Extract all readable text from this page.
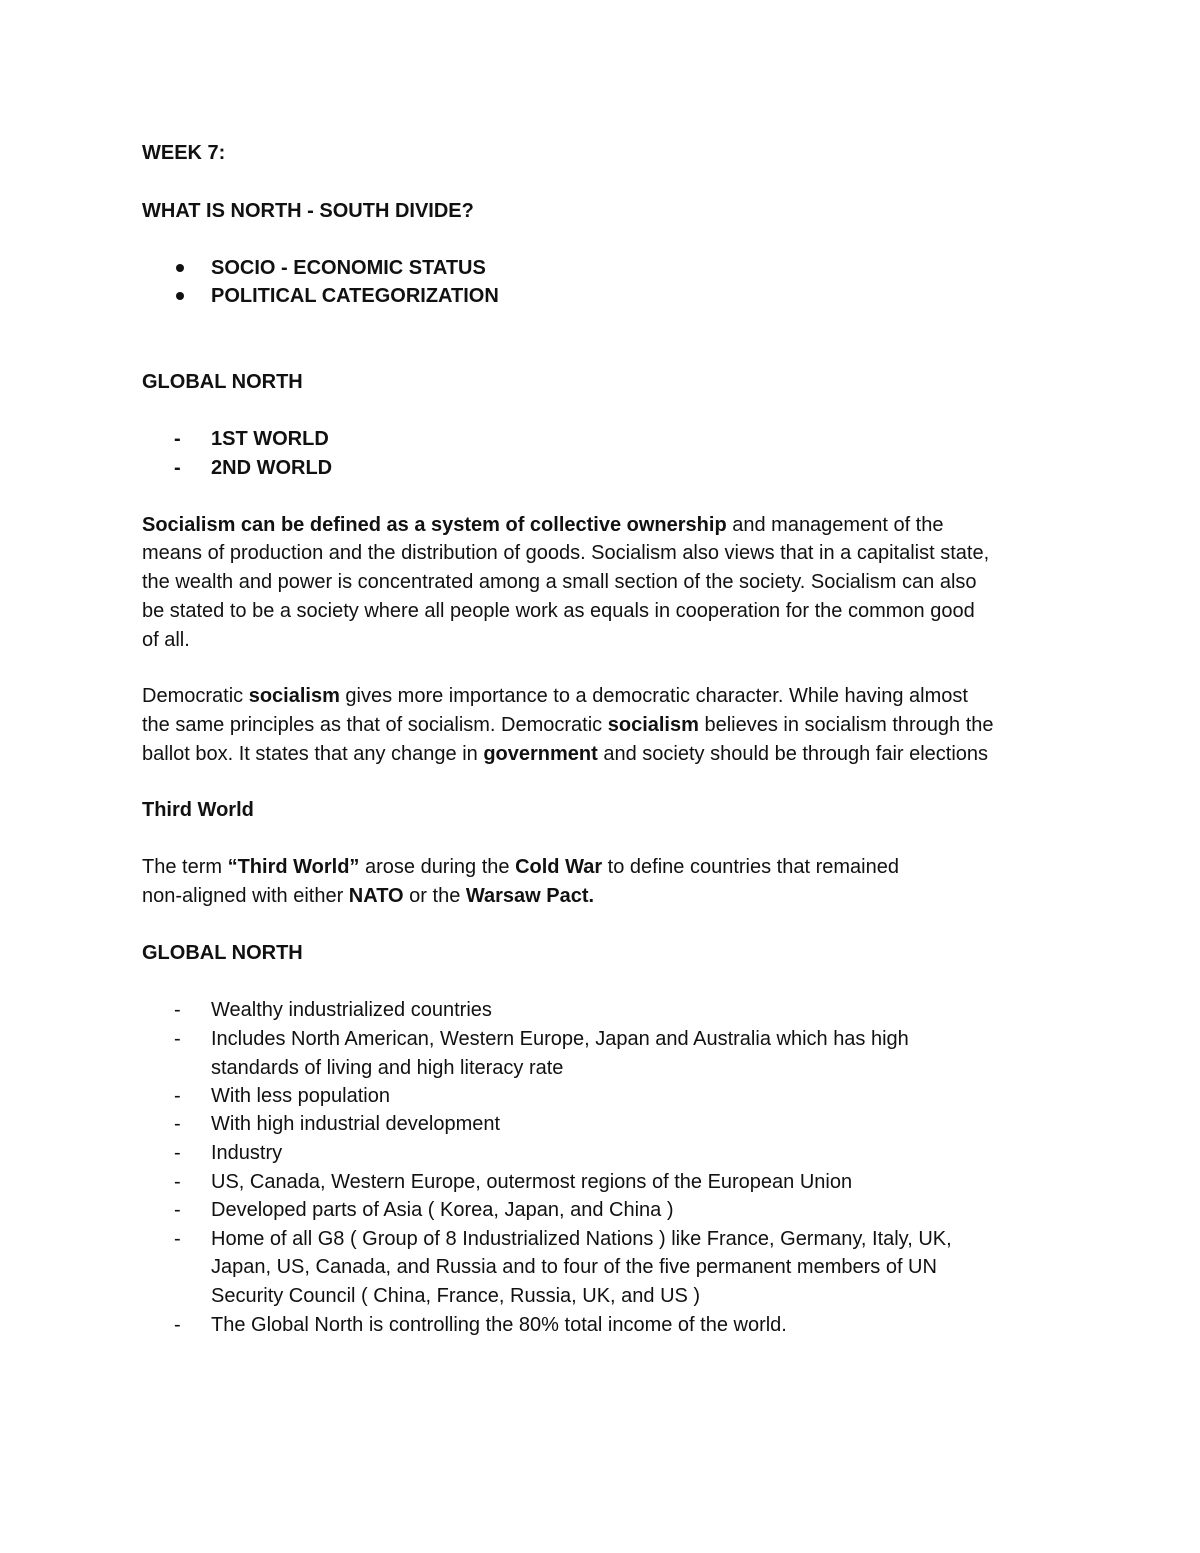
WEEK 7:
WHAT IS NORTH - SOUTH DIVIDE?
SOCIO - ECONOMIC STATUS
POLITICAL CATEGORIZATION
GLOBAL NORTH
- 1ST WORLD
- 2ND WORLD
Socialism can be defined as a system of collective ownership and management of the
means of production and the distribution of goods. Socialism also views that in a capitalist state,
the wealth and power is concentrated among a small section of the society. Socialism can also
be stated to be a society where all people work as equals in cooperation for the common good
of all.
Democratic socialism gives more importance to a democratic character. While having almost
the same principles as that of socialism. Democratic socialism believes in socialism through the
ballot box. It states that any change in government and society should be through fair elections
Third World
The term “Third World” arose during the Cold War to define countries that remained
non-aligned with either NATO or the Warsaw Pact.
GLOBAL NORTH
- Wealthy industrialized countries
- Includes North American, Western Europe, Japan and Australia which has high
standards of living and high literacy rate
- With less population
- With high industrial development
- Industry
- US, Canada, Western Europe, outermost regions of the European Union
- Developed parts of Asia ( Korea, Japan, and China )
- Home of all G8 ( Group of 8 Industrialized Nations ) like France, Germany, Italy, UK,
Japan, US, Canada, and Russia and to four of the five permanent members of UN
Security Council ( China, France, Russia, UK, and US )
- The Global North is controlling the 80% total income of the world.
